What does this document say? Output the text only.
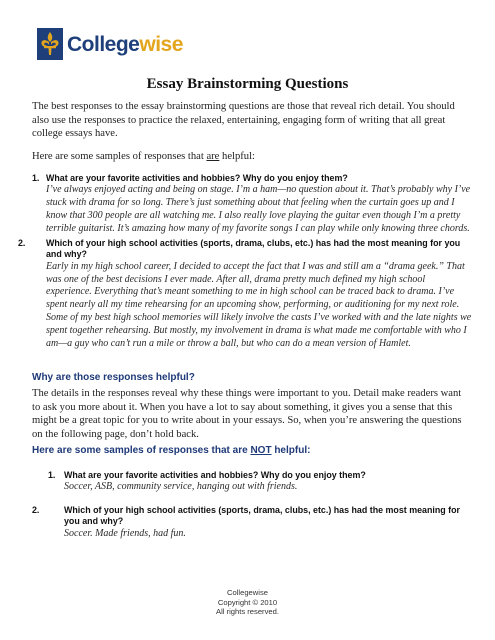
Collegewise
Essay Brainstorming Questions

The best responses to the essay brainstorming questions are those that reveal rich detail. You should also use the responses to practice the relaxed, entertaining, engaging form of writing that all great college essays have.

Here are some samples of responses that are helpful:

1. What are your favorite activities and hobbies? Why do you enjoy them?

I’ve always enjoyed acting and being on stage. I’m a ham—no question about it. That’s probably why I’ve stuck with drama for so long. There’s just something about that feeling when the curtain goes up and I know that 300 people are all watching me. I also really love playing the guitar even though I’m a pretty terrible guitarist. It’s amazing how many of my favorite songs I can play while only knowing three chords.

2. Which of your high school activities (sports, drama, clubs, etc.) has had the most meaning for you and why?

Early in my high school career, I decided to accept the fact that I was and still am a “drama geek.” That was one of the best decisions I ever made. After all, drama pretty much defined my high school experience. Everything that’s meant something to me in high school can be traced back to drama. I’ve spent nearly all my time rehearsing for an upcoming show, performing, or auditioning for my next role. Some of my best high school memories will likely involve the casts I’ve worked with and the late nights we spent together rehearsing. But mostly, my involvement in drama is what made me comfortable with who I am—a guy who can’t run a mile or throw a ball, but who can do a mean version of Hamlet.

Why are those responses helpful?

The details in the responses reveal why these things were important to you. Detail make readers want to ask you more about it. When you have a lot to say about something, it gives you a sense that this might be a great topic for you to write about in your essays. So, when you’re answering the questions on the following page, don’t hold back.

Here are some samples of responses that are NOT helpful:

1. What are your favorite activities and hobbies? Why do you enjoy them?

Soccer, ASB, community service, hanging out with friends.

2.	Which of your high school activities (sports, drama, clubs, etc.) has had the most meaning for you and why?

Soccer. Made friends, had fun.

Collegewise
Copyright © 2010
All rights reserved.
